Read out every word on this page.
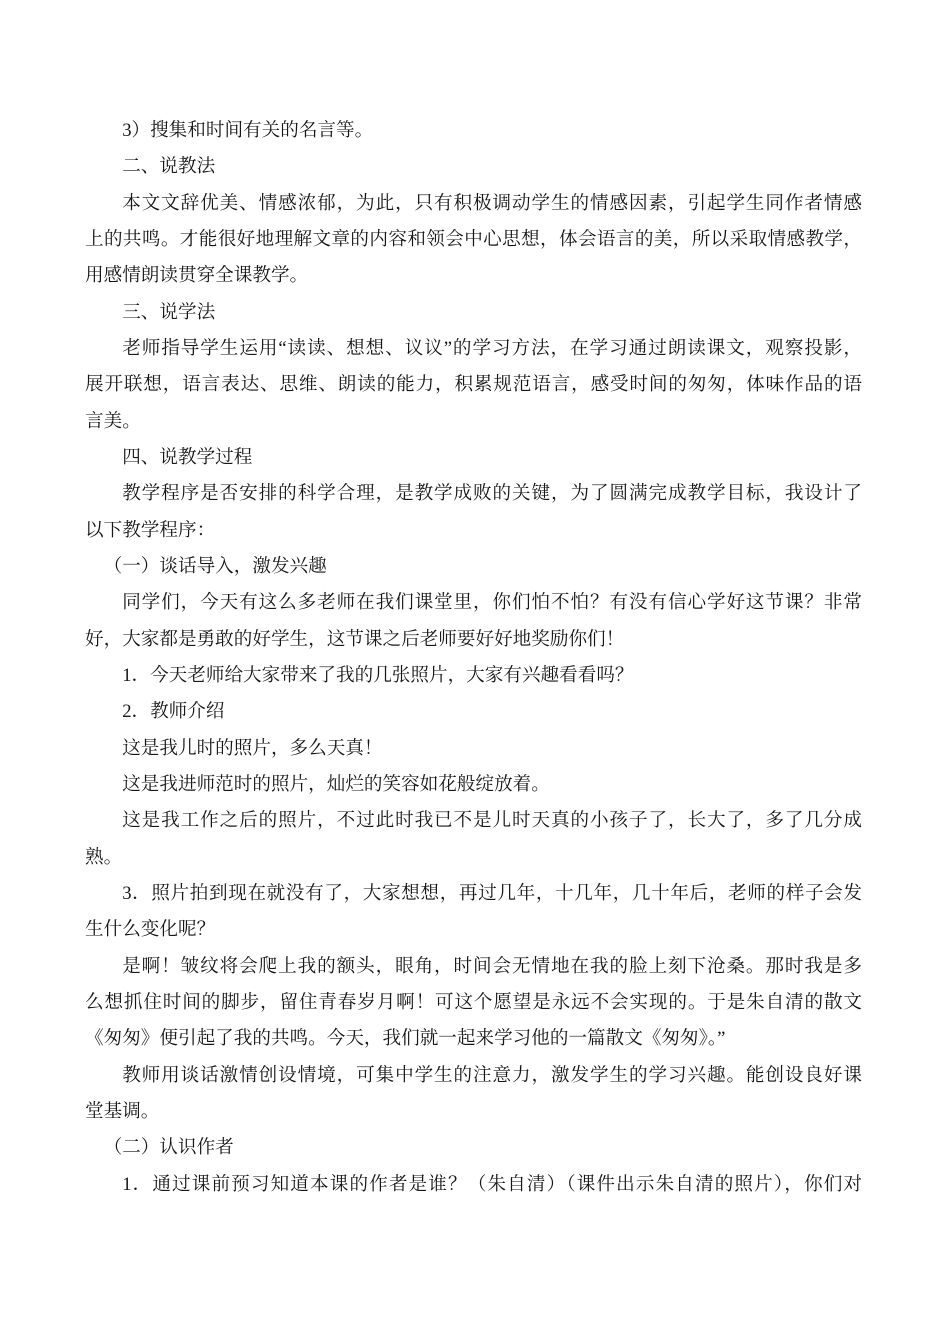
3）搜集和时间有关的名言等。
二、说教法
本文文辞优美、情感浓郁，为此，只有积极调动学生的情感因素，引起学生同作者情感
上的共鸣。才能很好地理解文章的内容和领会中心思想，体会语言的美，所以采取情感教学，
用感情朗读贯穿全课教学。
三、说学法
老师指导学生运用“读读、想想、议议”的学习方法，在学习通过朗读课文，观察投影，
展开联想，语言表达、思维、朗读的能力，积累规范语言，感受时间的匆匆，体味作品的语
言美。
四、说教学过程
教学程序是否安排的科学合理，是教学成败的关键，为了圆满完成教学目标，我设计了
以下教学程序：
（一）谈话导入，激发兴趣
同学们，今天有这么多老师在我们课堂里，你们怕不怕？有没有信心学好这节课？非常
好，大家都是勇敢的好学生，这节课之后老师要好好地奖励你们！
1．今天老师给大家带来了我的几张照片，大家有兴趣看看吗？
2．教师介绍
这是我儿时的照片，多么天真！
这是我进师范时的照片，灿烂的笑容如花般绽放着。
这是我工作之后的照片，不过此时我已不是儿时天真的小孩子了，长大了，多了几分成
熟。
3．照片拍到现在就没有了，大家想想，再过几年，十几年，几十年后，老师的样子会发
生什么变化呢？
是啊！皱纹将会爬上我的额头，眼角，时间会无情地在我的脸上刻下沧桑。那时我是多
么想抓住时间的脚步，留住青春岁月啊！可这个愿望是永远不会实现的。于是朱自清的散文
《匆匆》便引起了我的共鸣。今天，我们就一起来学习他的一篇散文《匆匆》。”
教师用谈话激情创设情境，可集中学生的注意力，激发学生的学习兴趣。能创设良好课
堂基调。
（二）认识作者
1．通过课前预习知道本课的作者是谁？（朱自清）（课件出示朱自清的照片），你们对
